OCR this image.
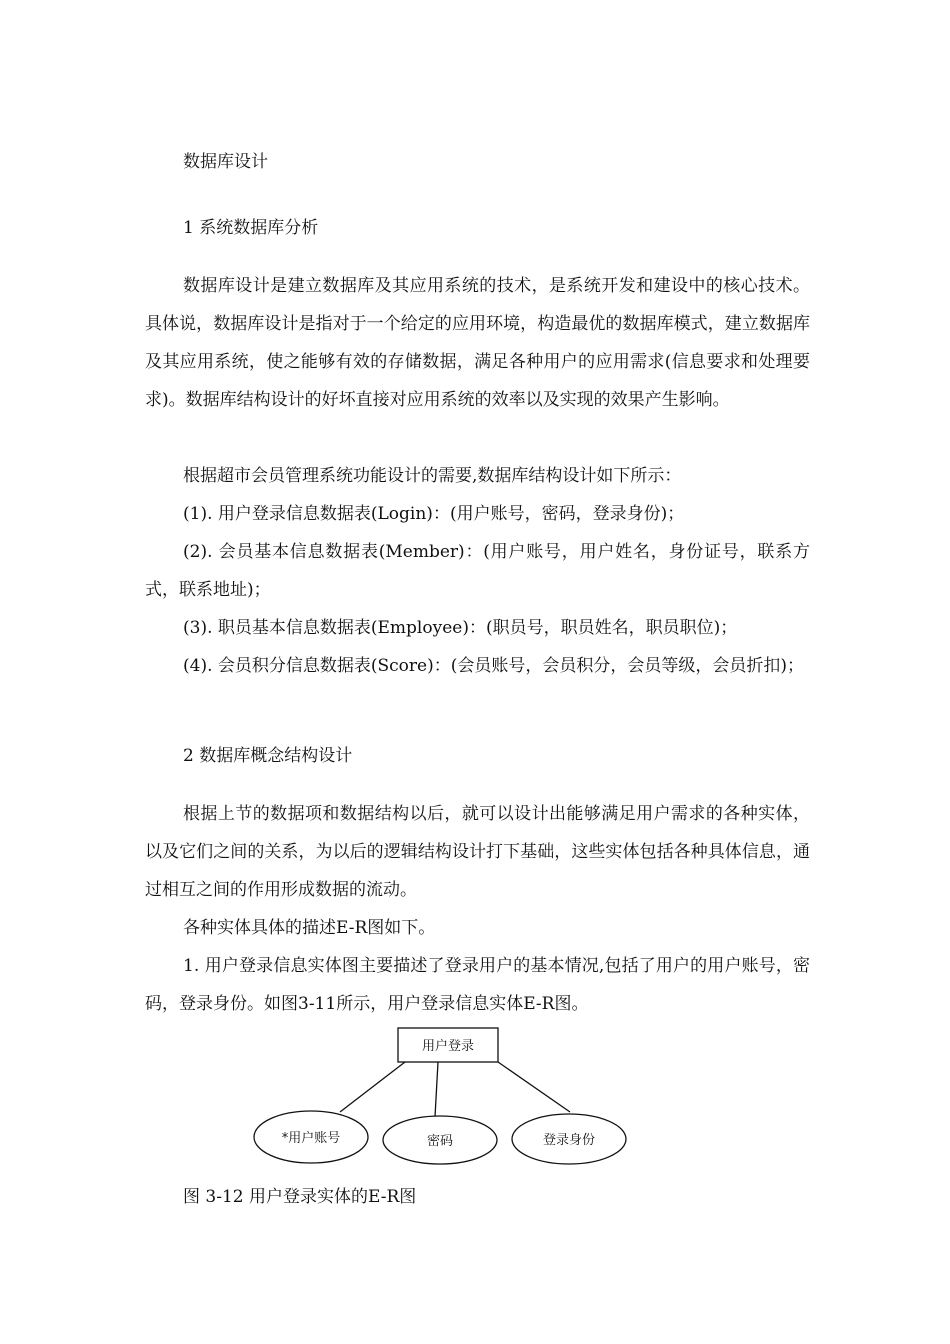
数据库设计

1 系统数据库分析

数据库设计是建立数据库及其应用系统的技术，是系统开发和建设中的核心技术。具体说，数据库设计是指对于一个给定的应用环境，构造最优的数据库模式，建立数据库及其应用系统，使之能够有效的存储数据，满足各种用户的应用需求(信息要求和处理要求)。数据库结构设计的好坏直接对应用系统的效率以及实现的效果产生影响。

根据超市会员管理系统功能设计的需要,数据库结构设计如下所示：

(1). 用户登录信息数据表(Login)：(用户账号，密码，登录身份)；

(2). 会员基本信息数据表(Member)：(用户账号，用户姓名，身份证号，联系方式，联系地址)；

(3). 职员基本信息数据表(Employee)：(职员号，职员姓名，职员职位)；

(4). 会员积分信息数据表(Score)：(会员账号，会员积分，会员等级，会员折扣)；

2 数据库概念结构设计

根据上节的数据项和数据结构以后，就可以设计出能够满足用户需求的各种实体，以及它们之间的关系，为以后的逻辑结构设计打下基础，这些实体包括各种具体信息，通过相互之间的作用形成数据的流动。

各种实体具体的描述E-R图如下。

1. 用户登录信息实体图主要描述了登录用户的基本情况,包括了用户的用户账号，密码，登录身份。如图3-11所示，用户登录信息实体E-R图。

用户登录
*用户账号	密码	登录身份

图 3-12 用户登录实体的E-R图
